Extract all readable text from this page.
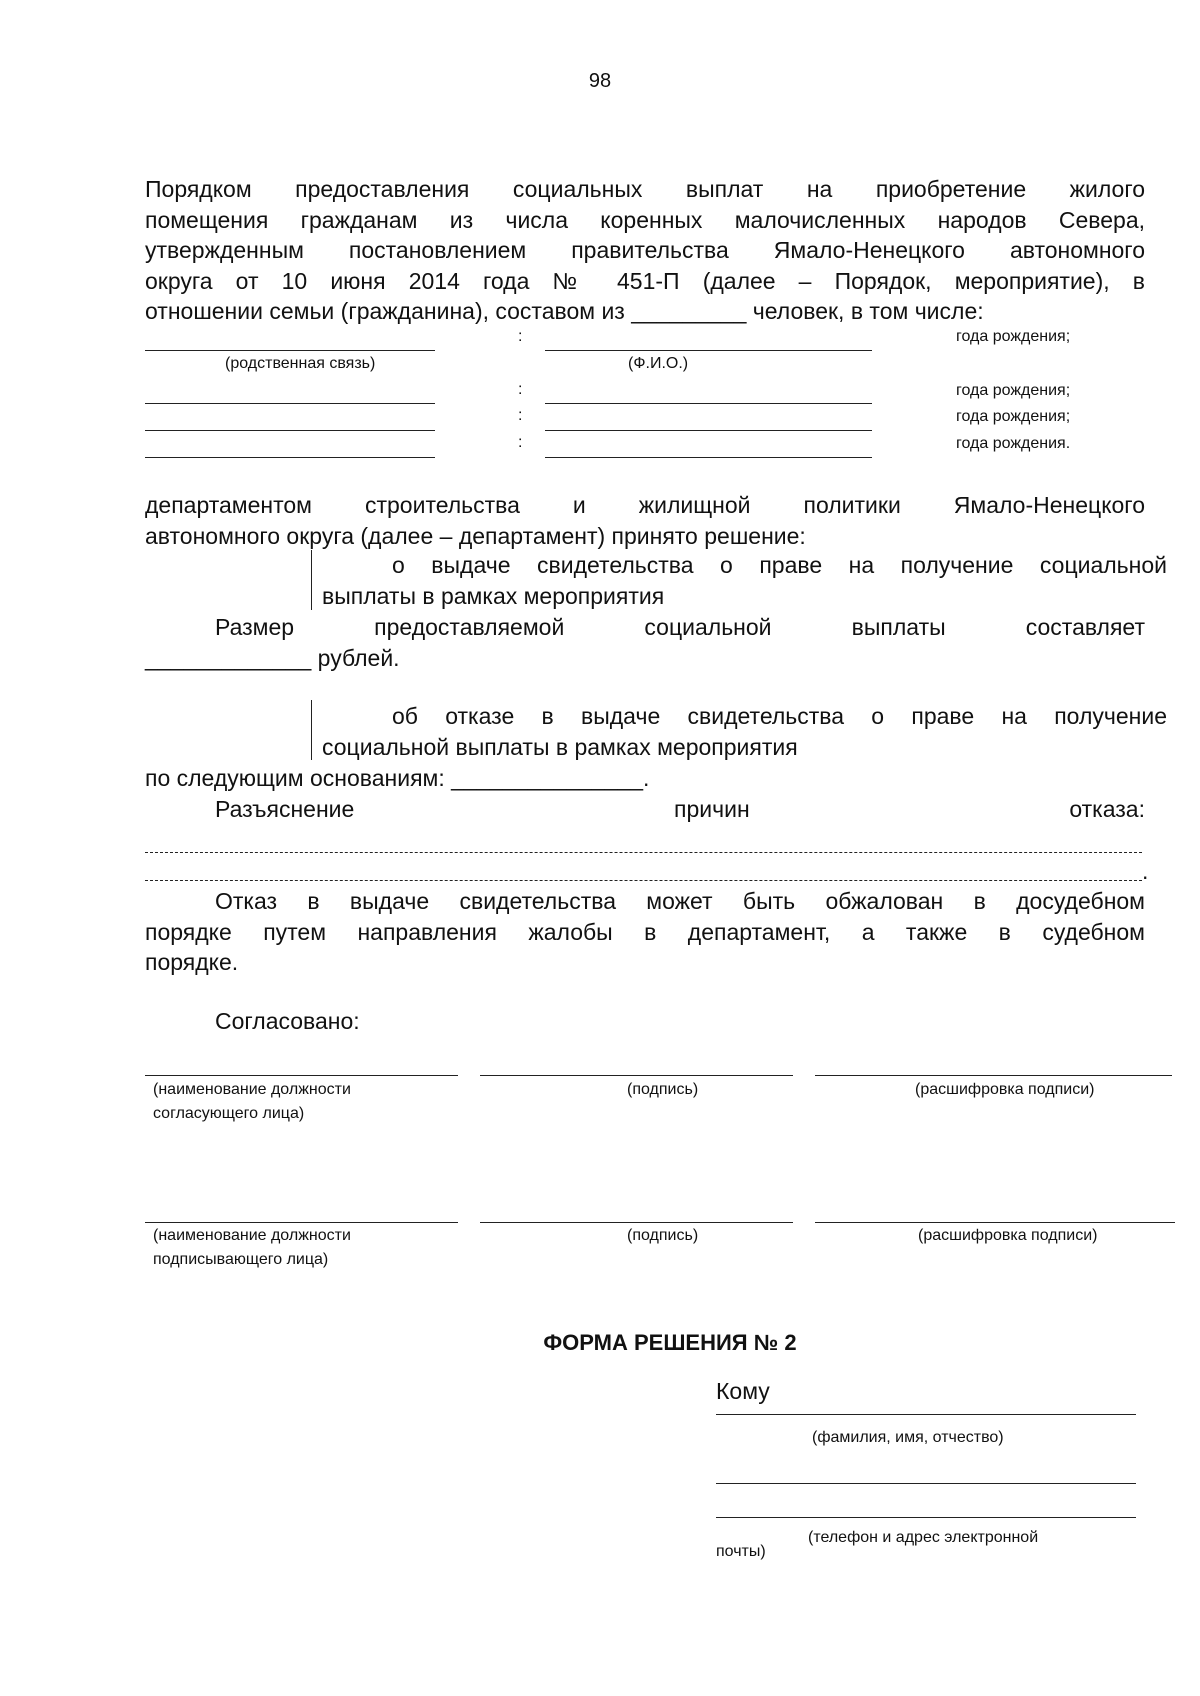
98
Порядком предоставления социальных выплат на приобретение жилого
помещения гражданам из числа коренных малочисленных народов Севера,
утвержденным постановлением правительства Ямало-Ненецкого автономного
округа от 10 июня 2014 года № 451-П (далее – Порядок, мероприятие), в
отношении семьи (гражданина), составом из _________ человек, в том числе:
:	года рождения;
(родственная связь)	(Ф.И.О.)
:	года рождения;
:	года рождения;
:	года рождения.
департаментом строительства и жилищной политики Ямало-Ненецкого
автономного округа (далее – департамент) принято решение:
о выдаче свидетельства о праве на получение социальной
выплаты в рамках мероприятия
Размер предоставляемой социальной выплаты составляет
_____________ рублей.
об отказе в выдаче свидетельства о праве на получение
социальной выплаты в рамках мероприятия
по следующим основаниям: _______________.
Разъяснение причин отказа:
.
Отказ в выдаче свидетельства может быть обжалован в досудебном
порядке путем направления жалобы в департамент, а также в судебном
порядке.
Согласовано:
(наименование должности
согласующего лица)
(подпись)	(расшифровка подписи)
(наименование должности
подписывающего лица)
(подпись)	(расшифровка подписи)
ФОРМА РЕШЕНИЯ № 2
Кому
(фамилия, имя, отчество)
(телефон и адрес электронной
почты)
